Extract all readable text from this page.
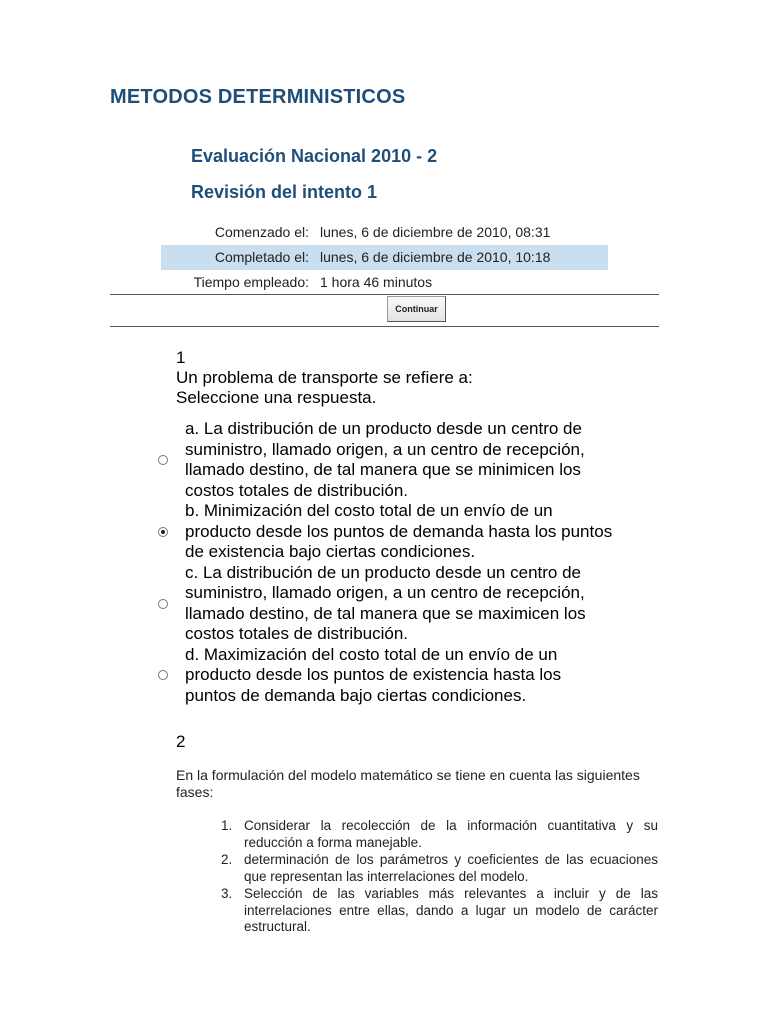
METODOS DETERMINISTICOS
Evaluación Nacional 2010 - 2
Revisión del intento 1
Comenzado el: lunes, 6 de diciembre de 2010, 08:31
Completado el: lunes, 6 de diciembre de 2010, 10:18
Tiempo empleado: 1 hora 46 minutos
Continuar
1
Un problema de transporte se refiere a:
Seleccione una respuesta.
a. La distribución de un producto desde un centro de
suministro, llamado origen, a un centro de recepción,
llamado destino, de tal manera que se minimicen los
costos totales de distribución.
b. Minimización del costo total de un envío de un
producto desde los puntos de demanda hasta los puntos
de existencia bajo ciertas condiciones.
c. La distribución de un producto desde un centro de
suministro, llamado origen, a un centro de recepción,
llamado destino, de tal manera que se maximicen los
costos totales de distribución.
d. Maximización del costo total de un envío de un
producto desde los puntos de existencia hasta los
puntos de demanda bajo ciertas condiciones.
2
En la formulación del modelo matemático se tiene en cuenta las siguientes fases:
1. Considerar la recolección de la información cuantitativa y su reducción a forma manejable.
2. determinación de los parámetros y coeficientes de las ecuaciones que representan las interrelaciones del modelo.
3. Selección de las variables más relevantes a incluir y de las interrelaciones entre ellas, dando a lugar un modelo de carácter estructural.
